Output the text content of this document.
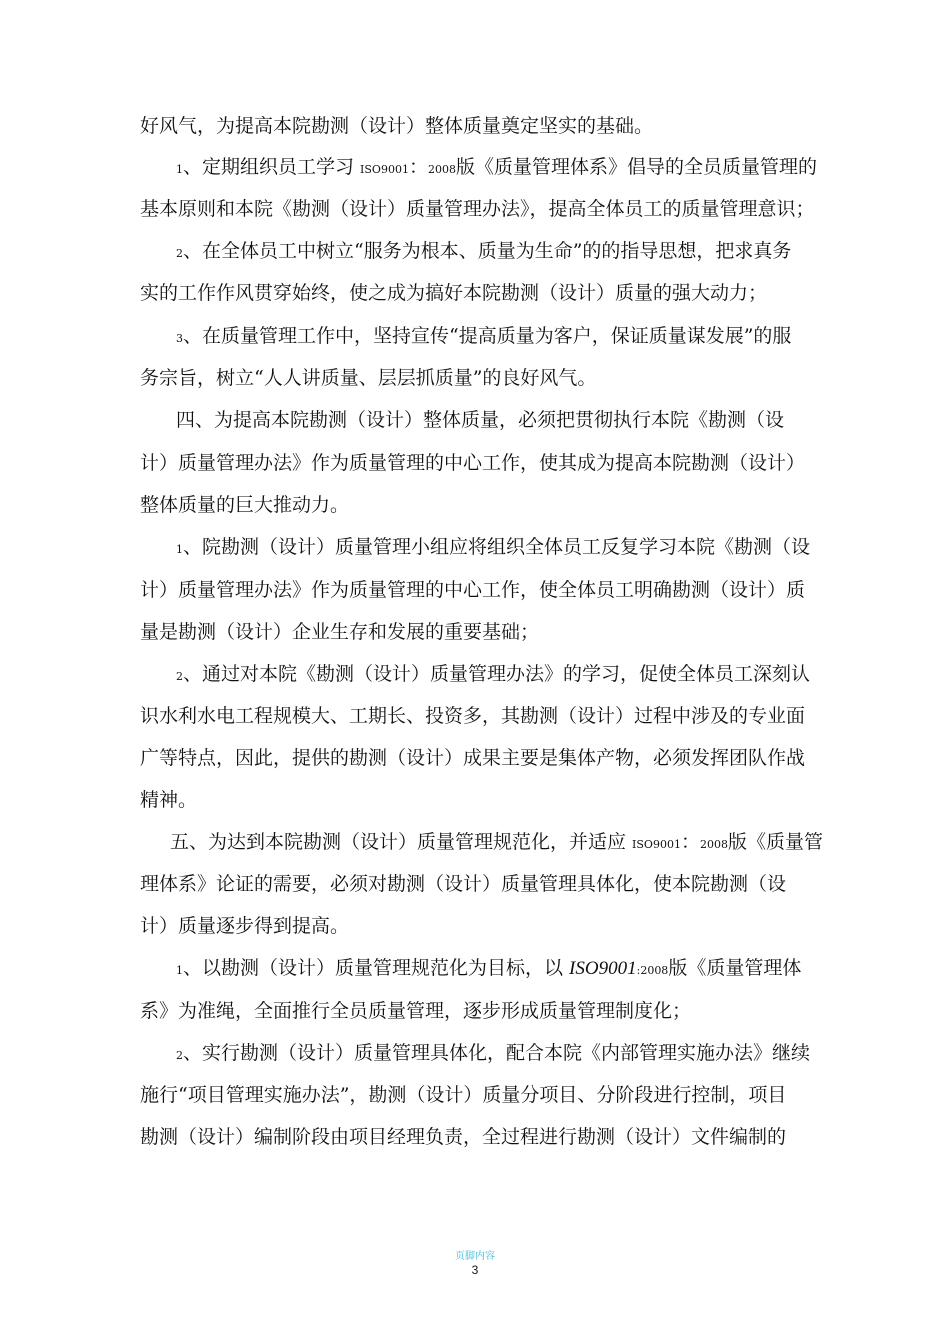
好风气，为提高本院勘测（设计）整体质量奠定坚实的基础。
1、定期组织员工学习 ISO9001：2008版《质量管理体系》倡导的全员质量管理的
基本原则和本院《勘测（设计）质量管理办法》，提高全体员工的质量管理意识；
2、在全体员工中树立“服务为根本、质量为生命”的的指导思想，把求真务
实的工作作风贯穿始终，使之成为搞好本院勘测（设计）质量的强大动力；
3、在质量管理工作中，坚持宣传“提高质量为客户，保证质量谋发展”的服
务宗旨，树立“人人讲质量、层层抓质量”的良好风气。
四、为提高本院勘测（设计）整体质量，必须把贯彻执行本院《勘测（设
计）质量管理办法》作为质量管理的中心工作，使其成为提高本院勘测（设计）
整体质量的巨大推动力。
1、院勘测（设计）质量管理小组应将组织全体员工反复学习本院《勘测（设
计）质量管理办法》作为质量管理的中心工作，使全体员工明确勘测（设计）质
量是勘测（设计）企业生存和发展的重要基础；
2、通过对本院《勘测（设计）质量管理办法》的学习，促使全体员工深刻认
识水利水电工程规模大、工期长、投资多，其勘测（设计）过程中涉及的专业面
广等特点，因此，提供的勘测（设计）成果主要是集体产物，必须发挥团队作战
精神。
五、为达到本院勘测（设计）质量管理规范化，并适应 ISO9001：2008版《质量管
理体系》论证的需要，必须对勘测（设计）质量管理具体化，使本院勘测（设
计）质量逐步得到提高。
1、以勘测（设计）质量管理规范化为目标，以 ISO9001:2008版《质量管理体
系》为准绳，全面推行全员质量管理，逐步形成质量管理制度化；
2、实行勘测（设计）质量管理具体化，配合本院《内部管理实施办法》继续
施行“项目管理实施办法”，勘测（设计）质量分项目、分阶段进行控制，项目
勘测（设计）编制阶段由项目经理负责，全过程进行勘测（设计）文件编制的
页脚内容
3
